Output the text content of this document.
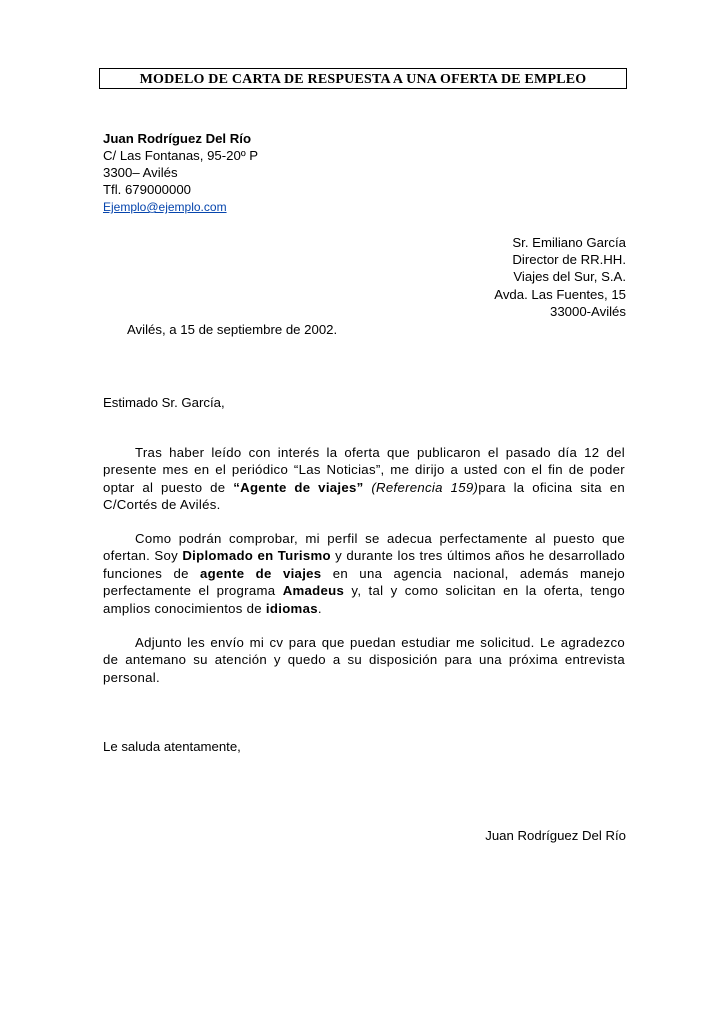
MODELO DE CARTA DE RESPUESTA A UNA OFERTA DE EMPLEO
Juan Rodríguez Del Río
C/ Las Fontanas, 95-20º P
3300– Avilés
Tfl. 679000000
Ejemplo@ejemplo.com
Sr. Emiliano García
Director de RR.HH.
Viajes del Sur, S.A.
Avda. Las Fuentes, 15
33000-Avilés
Avilés, a 15 de septiembre de 2002.
Estimado Sr. García,
Tras haber leído con interés la oferta que publicaron el pasado día 12 del presente mes en el periódico “Las Noticias”, me dirijo a usted con el fin de poder optar al puesto de “Agente de viajes” (Referencia 159)para la oficina sita en C/Cortés de Avilés.
Como podrán comprobar, mi perfil se adecua perfectamente al puesto que ofertan. Soy Diplomado en Turismo y durante los tres últimos años he desarrollado funciones de agente de viajes en una agencia nacional, además manejo perfectamente el programa Amadeus y, tal y como solicitan en la oferta, tengo amplios conocimientos de idiomas.
Adjunto les envío mi cv para que puedan estudiar me solicitud. Le agradezco de antemano su atención y quedo a su disposición para una próxima entrevista personal.
Le saluda atentamente,
Juan Rodríguez Del Río
